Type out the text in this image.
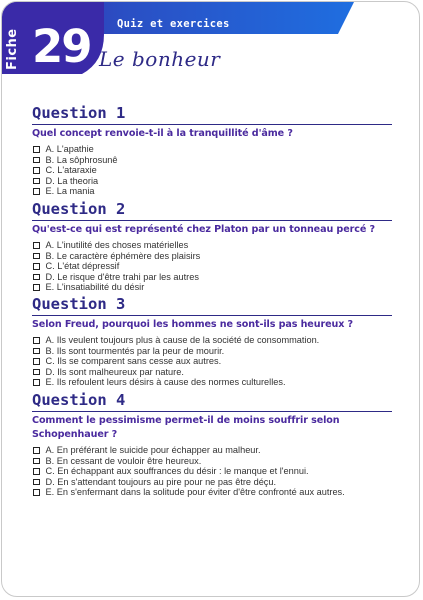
Fiche 29	Quiz et exercices
Le bonheur
Question 1
Quel concept renvoie-t-il à la tranquillité d'âme ?
A. L'apathie
B. La sôphrosunê
C. L'ataraxie
D. La theoria
E. La mania
Question 2
Qu'est-ce qui est représenté chez Platon par un tonneau percé ?
A. L'inutilité des choses matérielles
B. Le caractère éphémère des plaisirs
C. L'état dépressif
D. Le risque d'être trahi par les autres
E. L'insatiabilité du désir
Question 3
Selon Freud, pourquoi les hommes ne sont-ils pas heureux ?
A. Ils veulent toujours plus à cause de la société de consommation.
B. Ils sont tourmentés par la peur de mourir.
C. Ils se comparent sans cesse aux autres.
D. Ils sont malheureux par nature.
E. Ils refoulent leurs désirs à cause des normes culturelles.
Question 4
Comment le pessimisme permet-il de moins souffrir selon Schopenhauer ?
A. En préférant le suicide pour échapper au malheur.
B. En cessant de vouloir être heureux.
C. En échappant aux souffrances du désir : le manque et l'ennui.
D. En s'attendant toujours au pire pour ne pas être déçu.
E. En s'enfermant dans la solitude pour éviter d'être confronté aux autres.
